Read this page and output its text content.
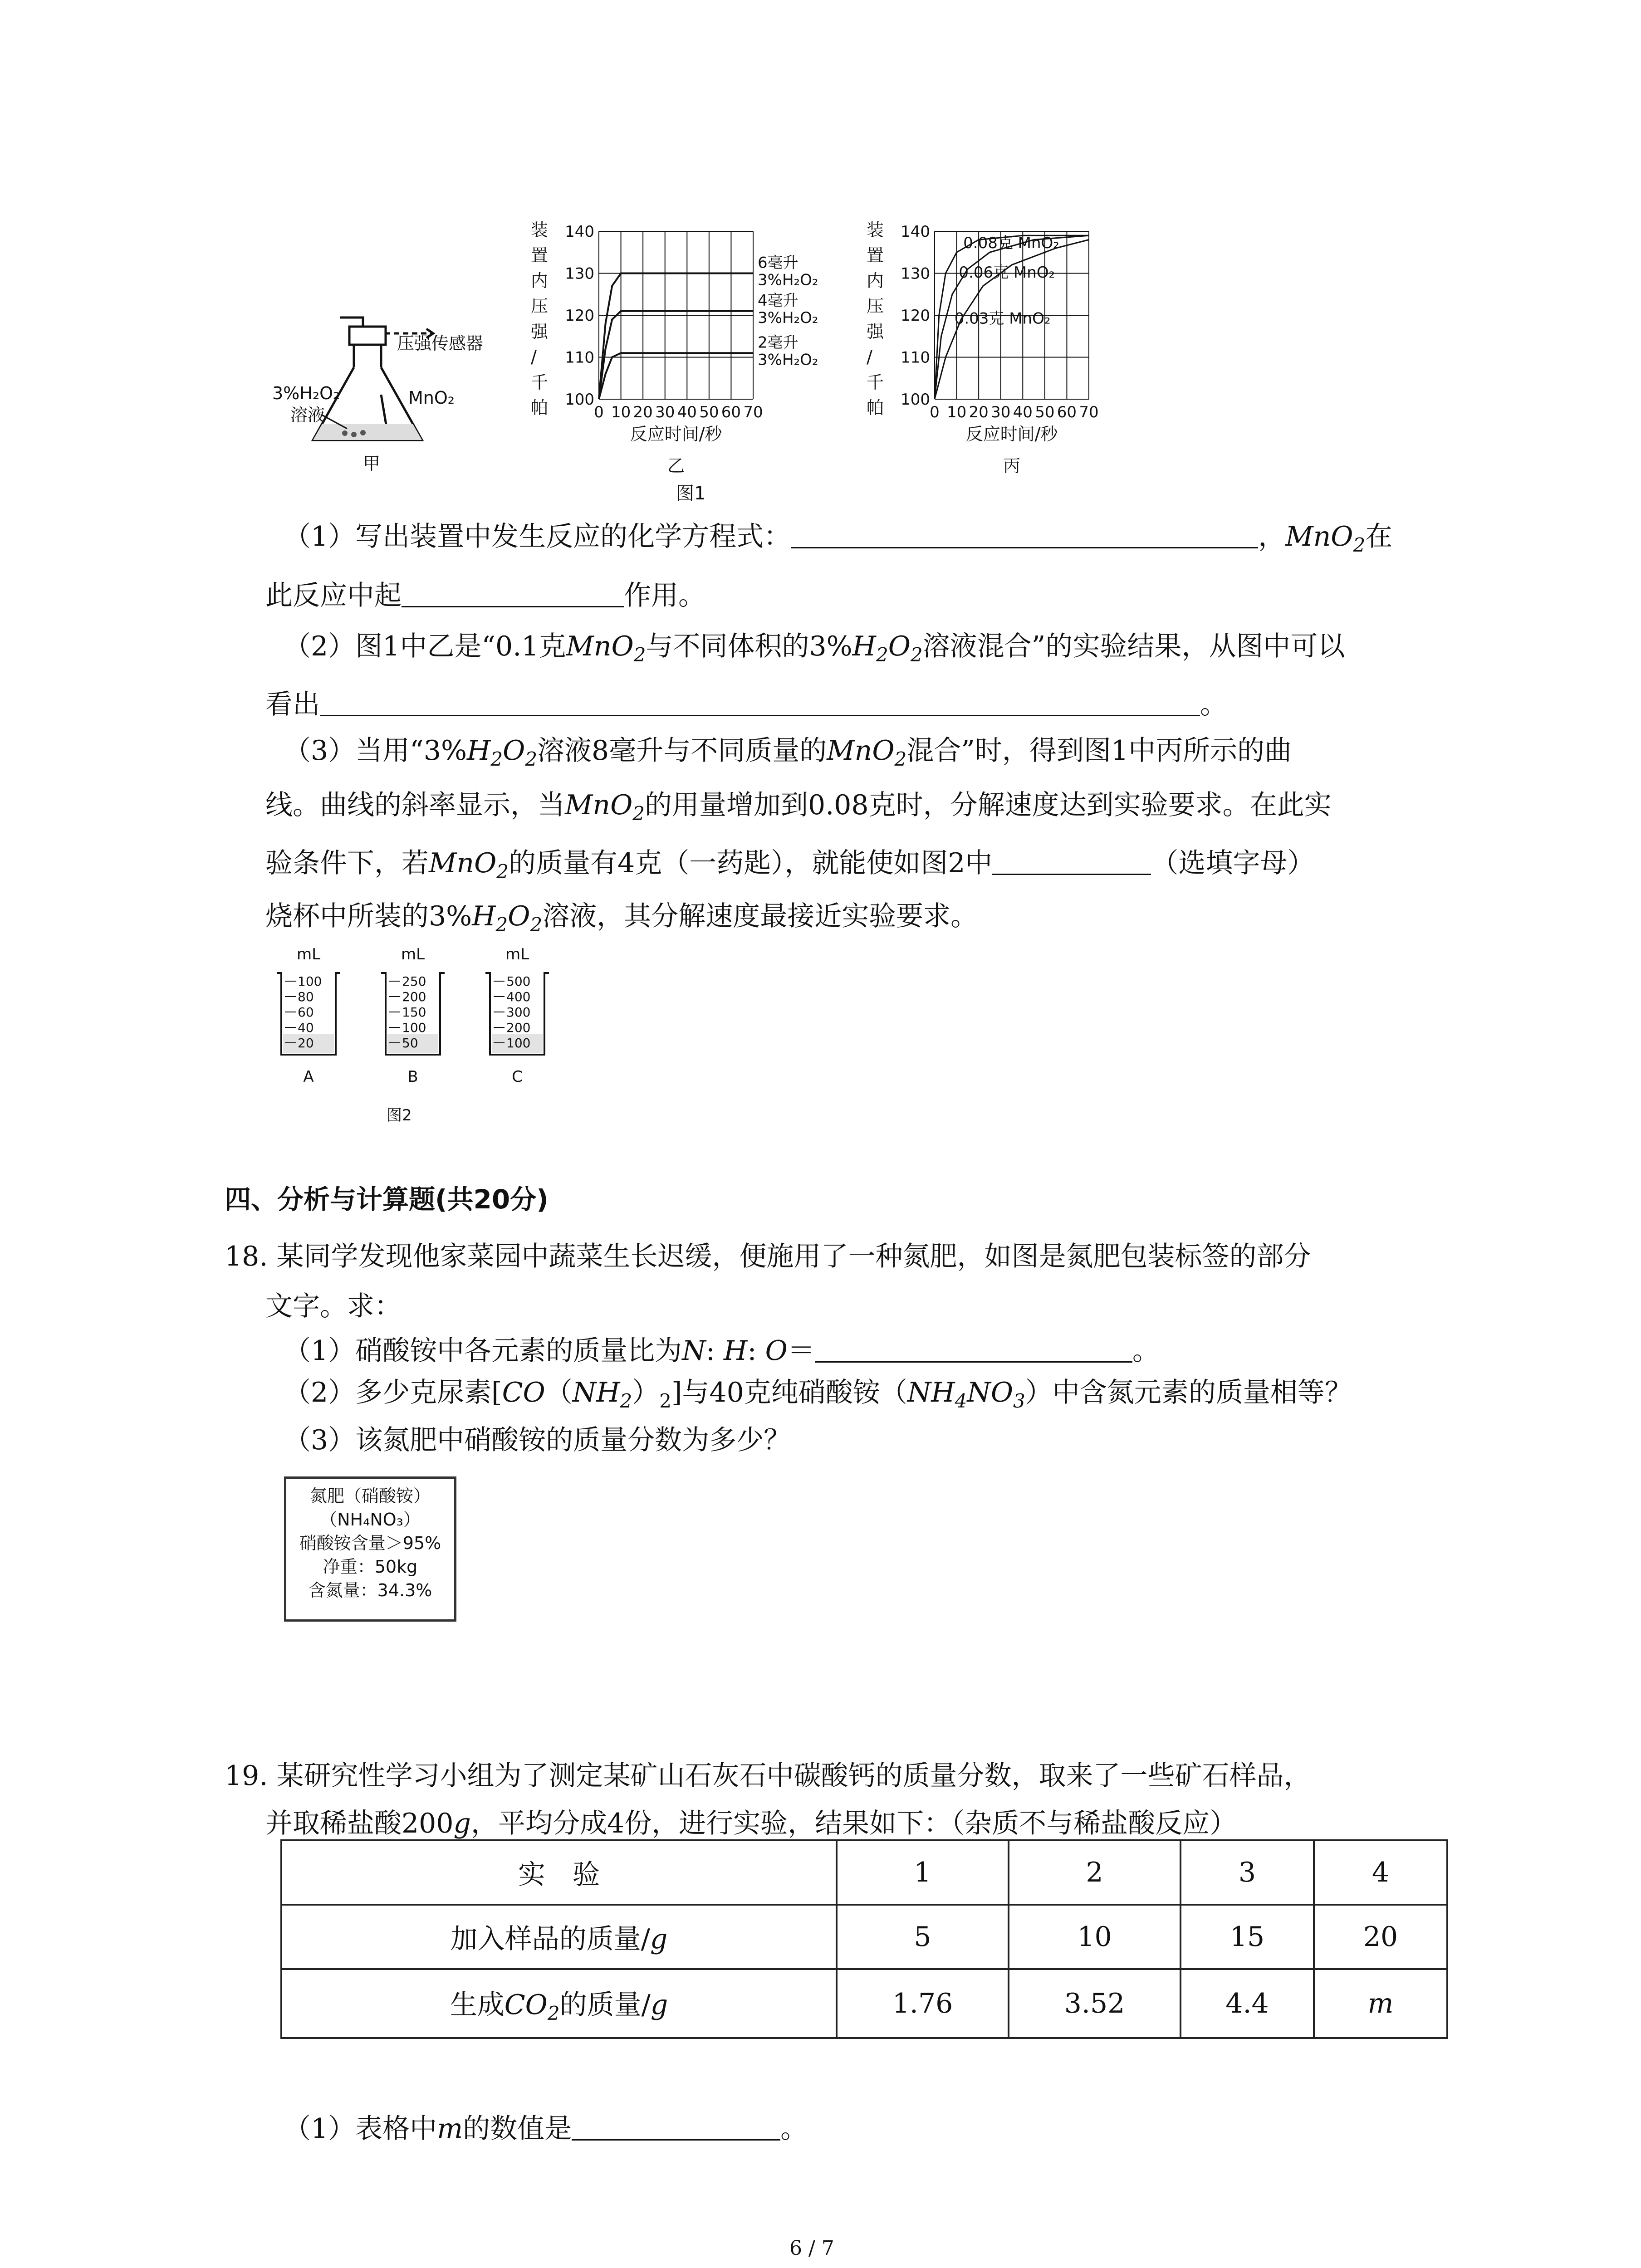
压强传感器
MnO₂
3%H₂O₂
溶液
甲
装
置
内
压
强
/
千
帕
140
130
120
110
100
0 10 20 30 40 50 60 70
反应时间/秒
乙
6毫升
3%H₂O₂
4毫升
3%H₂O₂
2毫升
3%H₂O₂
装
置
内
压
强
/
千
帕
140
130
120
110
100
0 10 20 30 40 50 60 70
反应时间/秒
丙
0.08克 MnO₂
0.06克 MnO₂
0.03克 MnO₂
图1
（1）写出装置中发生反应的化学方程式：	，MnO$_2$在
此反应中起	作用。
（2）图1中乙是“0.1克MnO$_2$与不同体积的$3\%H_2O_2$溶液混合”的实验结果，从图中可以
看出	。
（3）当用“$3\%H_2O_2$溶液8毫升与不同质量的MnO$_2$混合”时，得到图1中丙所示的曲
线。曲线的斜率显示，当MnO$_2$的用量增加到0.08克时，分解速度达到实验要求。在此实
验条件下，若MnO$_2$的质量有4克（一药匙），就能使如图2中	（选填字母）
烧杯中所装的$3\%H_2O_2$溶液，其分解速度最接近实验要求。
mL
100
80
60
40
20
A
mL
250
200
150
100
50
B
mL
500
400
300
200
100
C
图2
四、分析与计算题(共20分)
18. 某同学发现他家菜园中蔬菜生长迟缓，便施用了一种氮肥，如图是氮肥包装标签的部分
文字。求：
（1）硝酸铵中各元素的质量比为N: H: O＝	。
（2）多少克尿素$[CO(NH_2)_2]$与40克纯硝酸铵$(NH_4NO_3)$中含氮元素的质量相等？
（3）该氮肥中硝酸铵的质量分数为多少？
氮肥（硝酸铵）
（NH₄NO₃）
硝酸铵含量＞95%
净重：50kg
含氮量：34.3%
19. 某研究性学习小组为了测定某矿山石灰石中碳酸钙的质量分数，取来了一些矿石样品，
并取稀盐酸200g，平均分成4份，进行实验，结果如下：（杂质不与稀盐酸反应）
实　验	1	2	3	4
加入样品的质量/g	5	10	15	20
生成$CO_2$的质量/g	1.76	3.52	4.4	m
（1）表格中m的数值是	。
6 / 7
